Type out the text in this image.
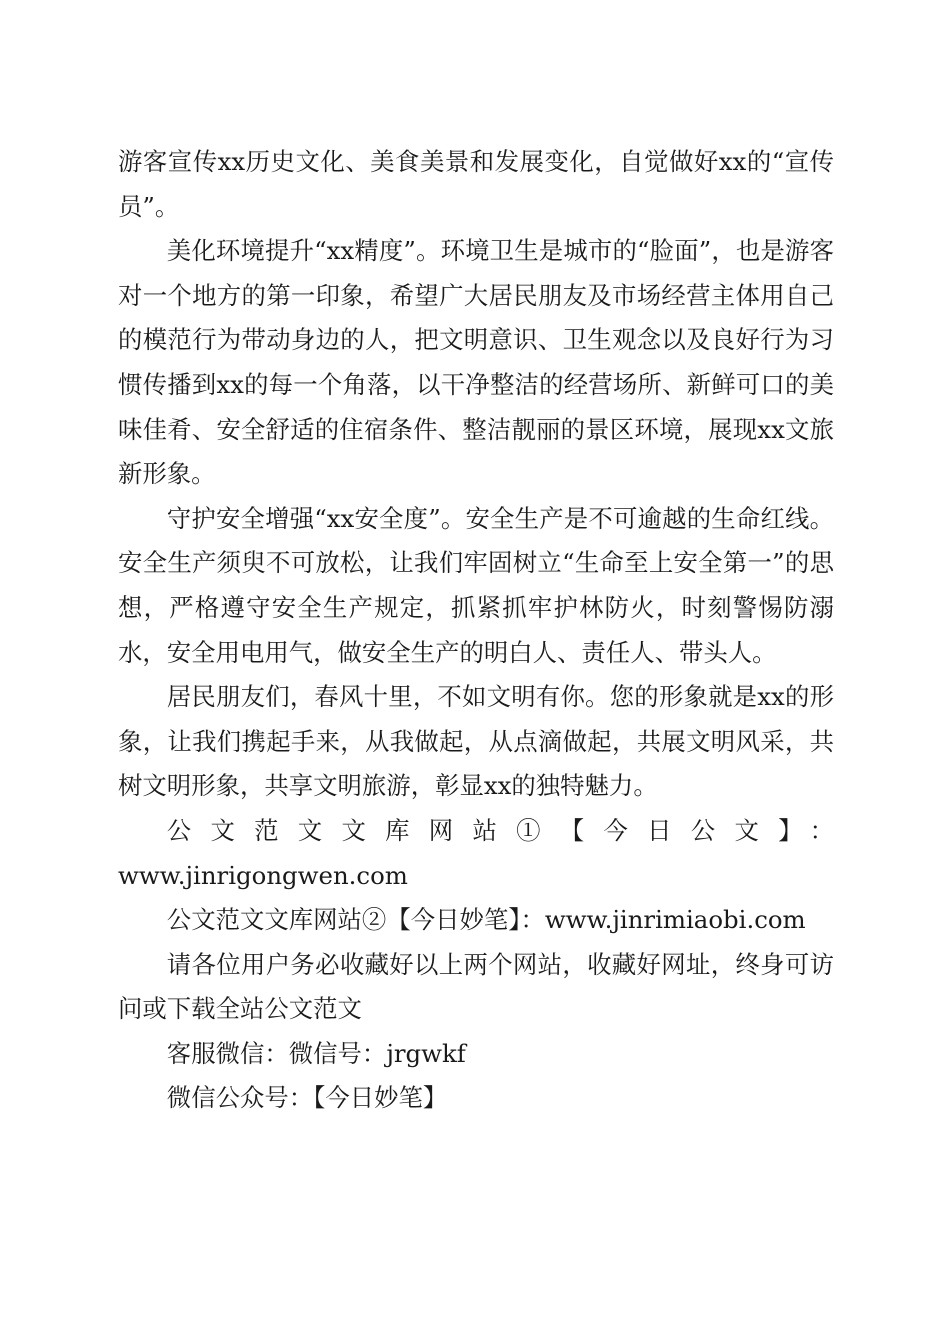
游客宣传xx历史文化、美食美景和发展变化，自觉做好xx的“宣传员”。

美化环境提升“xx精度”。环境卫生是城市的“脸面”，也是游客对一个地方的第一印象，希望广大居民朋友及市场经营主体用自己的模范行为带动身边的人，把文明意识、卫生观念以及良好行为习惯传播到xx的每一个角落，以干净整洁的经营场所、新鲜可口的美味佳肴、安全舒适的住宿条件、整洁靓丽的景区环境，展现xx文旅新形象。

守护安全增强“xx安全度”。安全生产是不可逾越的生命红线。安全生产须臾不可放松，让我们牢固树立“生命至上安全第一”的思想，严格遵守安全生产规定，抓紧抓牢护林防火，时刻警惕防溺水，安全用电用气，做安全生产的明白人、责任人、带头人。

居民朋友们，春风十里，不如文明有你。您的形象就是xx的形象，让我们携起手来，从我做起，从点滴做起，共展文明风采，共树文明形象，共享文明旅游，彰显xx的独特魅力。

公文范文文库网站①【今日公文】：

www.jinrigongwen.com

公文范文文库网站②【今日妙笔】：www.jinrimiaobi.com

请各位用户务必收藏好以上两个网站，收藏好网址，终身可访问或下载全站公文范文

客服微信：微信号：jrgwkf

微信公众号：【今日妙笔】
